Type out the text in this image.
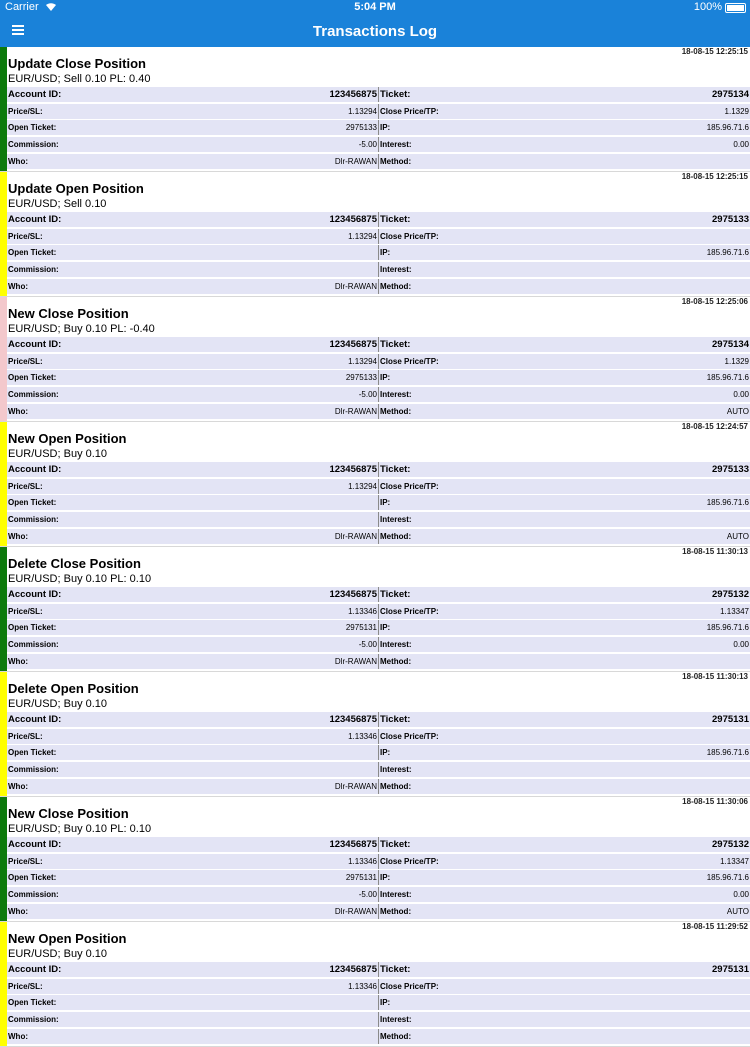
Carrier	5:04 PM	100%
Transactions Log
18-08-15 12:25:15
Update Close Position
EUR/USD; Sell 0.10 PL: 0.40
Account ID:	123456875 Ticket:	2975134
Price/SL:	1.13294 Close Price/TP:	1.1329
Open Ticket:	2975133 IP:	185.96.71.6
Commission:	-5.00 Interest:	0.00
Who:	Dlr-RAWAN Method:
18-08-15 12:25:15
Update Open Position
EUR/USD; Sell 0.10
Account ID:	123456875 Ticket:	2975133
Price/SL:	1.13294 Close Price/TP:
Open Ticket:	IP:	185.96.71.6
Commission:	Interest:
Who:	Dlr-RAWAN Method:
18-08-15 12:25:06
New Close Position
EUR/USD; Buy 0.10 PL: -0.40
Account ID:	123456875 Ticket:	2975134
Price/SL:	1.13294 Close Price/TP:	1.1329
Open Ticket:	2975133 IP:	185.96.71.6
Commission:	-5.00 Interest:	0.00
Who:	Dlr-RAWAN Method:	AUTO
18-08-15 12:24:57
New Open Position
EUR/USD; Buy 0.10
Account ID:	123456875 Ticket:	2975133
Price/SL:	1.13294 Close Price/TP:
Open Ticket:	IP:	185.96.71.6
Commission:	Interest:
Who:	Dlr-RAWAN Method:	AUTO
18-08-15 11:30:13
Delete Close Position
EUR/USD; Buy 0.10 PL: 0.10
Account ID:	123456875 Ticket:	2975132
Price/SL:	1.13346 Close Price/TP:	1.13347
Open Ticket:	2975131 IP:	185.96.71.6
Commission:	-5.00 Interest:	0.00
Who:	Dlr-RAWAN Method:
18-08-15 11:30:13
Delete Open Position
EUR/USD; Buy 0.10
Account ID:	123456875 Ticket:	2975131
Price/SL:	1.13346 Close Price/TP:
Open Ticket:	IP:	185.96.71.6
Commission:	Interest:
Who:	Dlr-RAWAN Method:
18-08-15 11:30:06
New Close Position
EUR/USD; Buy 0.10 PL: 0.10
Account ID:	123456875 Ticket:	2975132
Price/SL:	1.13346 Close Price/TP:	1.13347
Open Ticket:	2975131 IP:	185.96.71.6
Commission:	-5.00 Interest:	0.00
Who:	Dlr-RAWAN Method:	AUTO
18-08-15 11:29:52
New Open Position
EUR/USD; Buy 0.10
Account ID:	123456875 Ticket:	2975131
Price/SL:	1.13346 Close Price/TP:
Open Ticket:	IP:
Commission:	Interest:
Who:	Method:
